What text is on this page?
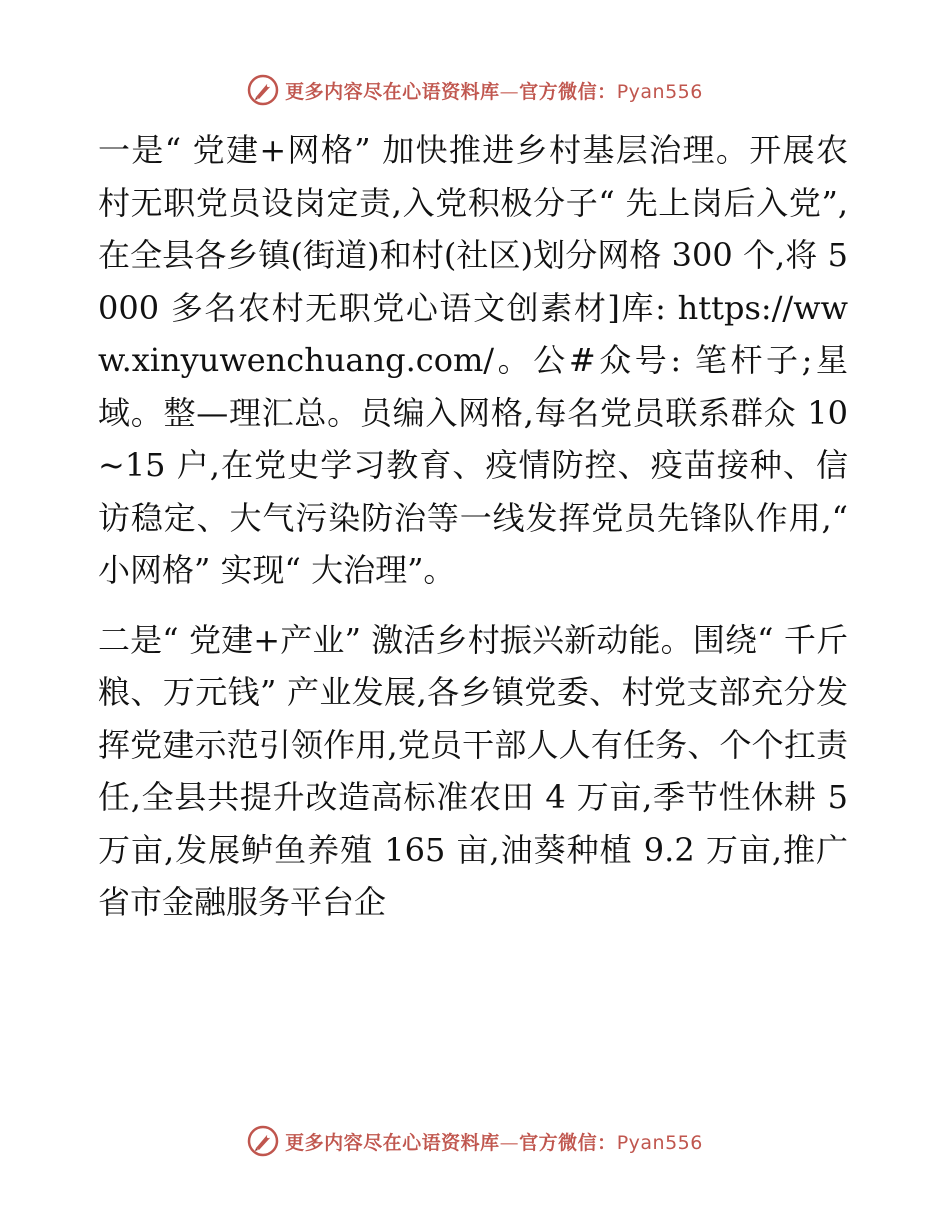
更多内容尽在心语资料库—官方微信：Pyan556

一是“ 党建+网格” 加快推进乡村基层治理。开展农村无职党员设岗定责,入党积极分子“ 先上岗后入党”,在全县各乡镇(街道)和村(社区)划分网格 300 个,将 5000 多名农村无职党心语文创素材]库: https://www.xinyuwenchuang.com/。公#众号: 笔杆子;星域。整—理汇总。员编入网格,每名党员联系群众 10~15 户,在党史学习教育、疫情防控、疫苗接种、信访稳定、大气污染防治等一线发挥党员先锋队作用,“ 小网格” 实现“ 大治理”。

二是“ 党建+产业” 激活乡村振兴新动能。围绕“ 千斤粮、万元钱” 产业发展,各乡镇党委、村党支部充分发挥党建示范引领作用,党员干部人人有任务、个个扛责任,全县共提升改造高标准农田 4 万亩,季节性休耕 5 万亩,发展鲈鱼养殖 165 亩,油葵种植 9.2 万亩,推广省市金融服务平台企

更多内容尽在心语资料库—官方微信：Pyan556
